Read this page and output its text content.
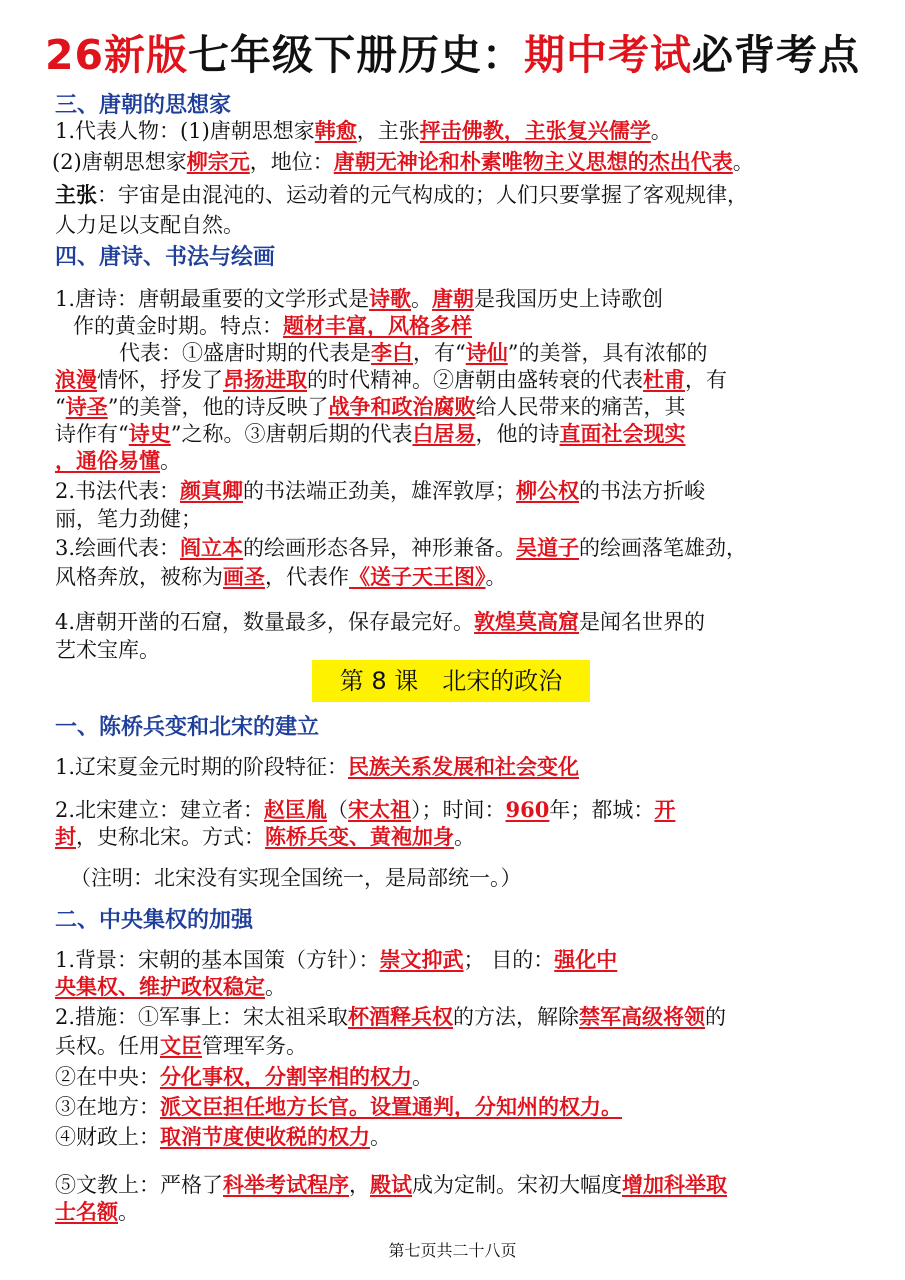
26新版七年级下册历史：期中考试必背考点
三、唐朝的思想家
1.代表人物：(1)唐朝思想家韩愈，主张抨击佛教，主张复兴儒学。
(2)唐朝思想家柳宗元，地位：唐朝无神论和朴素唯物主义思想的杰出代表。
主张：宇宙是由混沌的、运动着的元气构成的；人们只要掌握了客观规律，
人力足以支配自然。
四、唐诗、书法与绘画
1.唐诗：唐朝最重要的文学形式是诗歌。唐朝是我国历史上诗歌创
作的黄金时期。特点：题材丰富，风格多样
代表：①盛唐时期的代表是李白，有“诗仙”的美誉，具有浓郁的
浪漫情怀，抒发了昂扬进取的时代精神。②唐朝由盛转衰的代表杜甫，有
“诗圣”的美誉，他的诗反映了战争和政治腐败给人民带来的痛苦，其
诗作有“诗史”之称。③唐朝后期的代表白居易，他的诗直面社会现实
，通俗易懂。
2.书法代表：颜真卿的书法端正劲美，雄浑敦厚；柳公权的书法方折峻
丽，笔力劲健；
3.绘画代表：阎立本的绘画形态各异，神形兼备。吴道子的绘画落笔雄劲，
风格奔放，被称为画圣，代表作《送子天王图》。
4.唐朝开凿的石窟，数量最多，保存最完好。敦煌莫高窟是闻名世界的
艺术宝库。
第 8 课　北宋的政治
一、陈桥兵变和北宋的建立
1.辽宋夏金元时期的阶段特征：民族关系发展和社会变化
2.北宋建立：建立者：赵匡胤（宋太祖）；时间：960年；都城：开
封，史称北宋。方式：陈桥兵变、黄袍加身。
（注明：北宋没有实现全国统一，是局部统一。）
二、中央集权的加强
1.背景：宋朝的基本国策（方针）：崇文抑武； 目的：强化中
央集权、维护政权稳定。
2.措施：①军事上：宋太祖采取杯酒释兵权的方法，解除禁军高级将领的
兵权。任用文臣管理军务。
②在中央：分化事权，分割宰相的权力。
③在地方：派文臣担任地方长官。设置通判，分知州的权力。
④财政上：取消节度使收税的权力。
⑤文教上：严格了科举考试程序，殿试成为定制。宋初大幅度增加科举取
士名额。
第七页共二十八页
